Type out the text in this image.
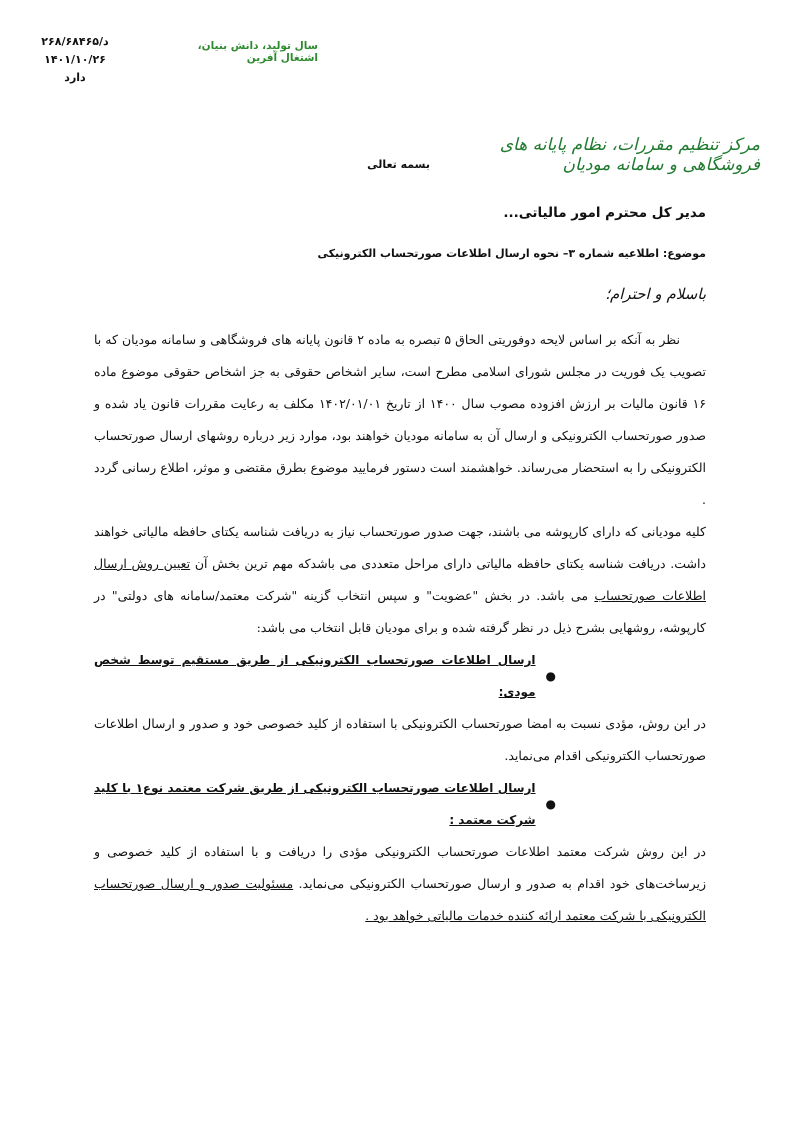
د/۲۶۸/۶۸۴۶۵
۱۴۰۱/۱۰/۲۶
دارد
سال تولید، دانش بنیان، اشتغال آفرین
مرکز تنظیم مقررات، نظام پایانه های فروشگاهی و سامانه مودیان
بسمه تعالی
مدیر کل محترم امور مالیاتی...
موضوع: اطلاعیه شماره ۳– نحوه ارسال اطلاعات صورتحساب الکترونیکی
باسلام و احترام؛

نظر به آنکه بر اساس لایحه دوفوریتی الحاق ۵ تبصره به ماده ۲ قانون پایانه های فروشگاهی و سامانه مودیان که با تصویب یک فوریت در مجلس شورای اسلامی مطرح است، سایر اشخاص حقوقی به جز اشخاص حقوقی موضوع ماده ۱۶ قانون مالیات بر ارزش افزوده مصوب سال ۱۴۰۰ از تاریخ ۱۴۰۲/۰۱/۰۱ مکلف به رعایت مقررات قانون یاد شده و صدور صورتحساب الکترونیکی و ارسال آن به سامانه مودیان خواهند بود، موارد زیر درباره روشهای ارسال صورتحساب الکترونیکی را به استحضار می‌رساند. خواهشمند است دستور فرمایید موضوع بطرق مقتضی و موثر، اطلاع رسانی گردد .

کلیه مودیانی که دارای کارپوشه می باشند، جهت صدور صورتحساب نیاز به دریافت شناسه یکتای حافظه مالیاتی خواهند داشت. دریافت شناسه یکتای حافظه مالیاتی دارای مراحل متعددی می باشدکه مهم ترین بخش آن تعیین روش ارسال اطلاعات صورتحساب می باشد. در بخش "عضویت" و سپس انتخاب گزینه "شرکت معتمد/سامانه های دولتی" در کارپوشه، روشهایی بشرح ذیل در نظر گرفته شده و برای مودیان قابل انتخاب می باشد:

●
ارسال اطلاعات صورتحساب الکترونیکی از طریق مستقیم توسط شخص مودی:

در این روش، مؤدی نسبت به امضا صورتحساب الکترونیکی با استفاده از کلید خصوصی خود و صدور و ارسال اطلاعات صورتحساب الکترونیکی اقدام می‌نماید.

●
ارسال اطلاعات صورتحساب الکترونیکی از طریق شرکت معتمد نوع۱ با کلید شرکت معتمد :

در این روش شرکت معتمد اطلاعات صورتحساب الکترونیکی مؤدی را دریافت و با استفاده از کلید خصوصی و زیرساخت‌های خود اقدام به صدور و ارسال صورتحساب الکترونیکی می‌نماید. مسئولیت صدور و ارسال صورتحساب الکترونیکی با شرکت معتمد ارائه کننده خدمات مالیاتی خواهد بود .
